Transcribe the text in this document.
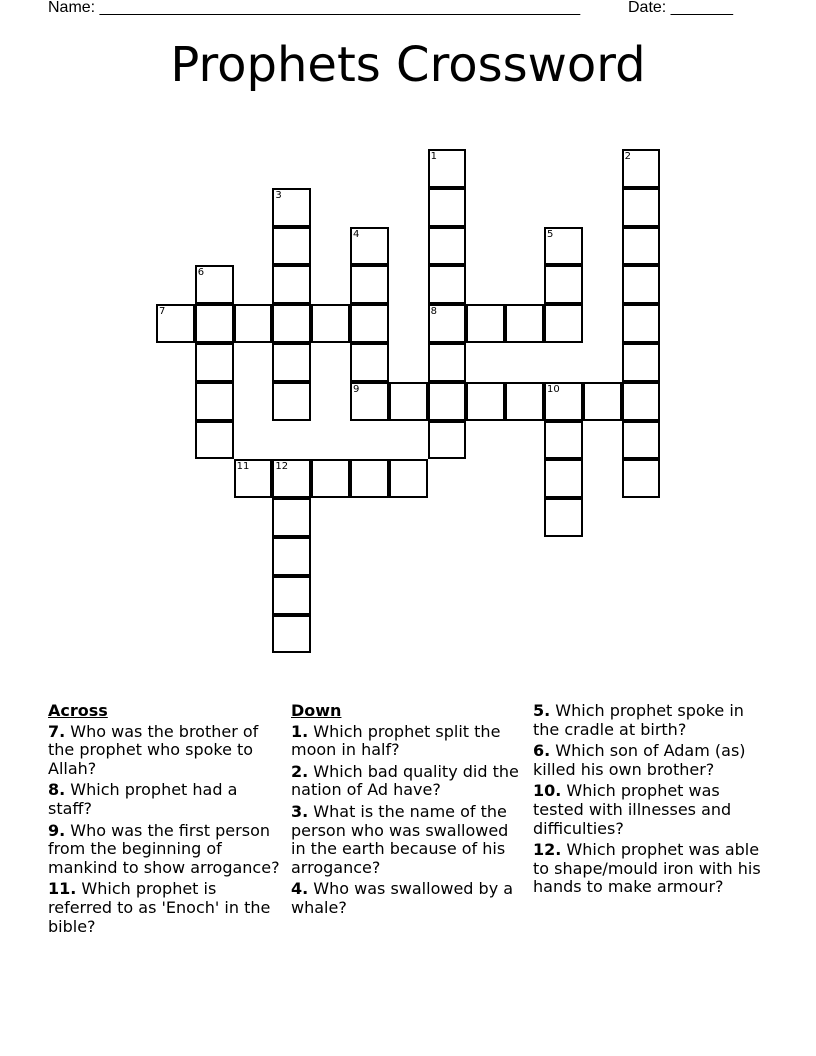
Name: ______________________________________________________	Date: _______
Prophets Crossword
1
8
2
3
4	5
6
7
9	10
11	12
Across
7. Who was the brother of the prophet who spoke to Allah?
8. Which prophet had a staff?
9. Who was the first person from the beginning of mankind to show arrogance?
11. Which prophet is referred to as 'Enoch' in the bible?
Down
1. Which prophet split the moon in half?
2. Which bad quality did the nation of Ad have?
3. What is the name of the person who was swallowed in the earth because of his arrogance?
4. Who was swallowed by a whale?
5. Which prophet spoke in the cradle at birth?
6. Which son of Adam (as) killed his own brother?
10. Which prophet was tested with illnesses and difficulties?
12. Which prophet was able to shape/mould iron with his hands to make armour?
